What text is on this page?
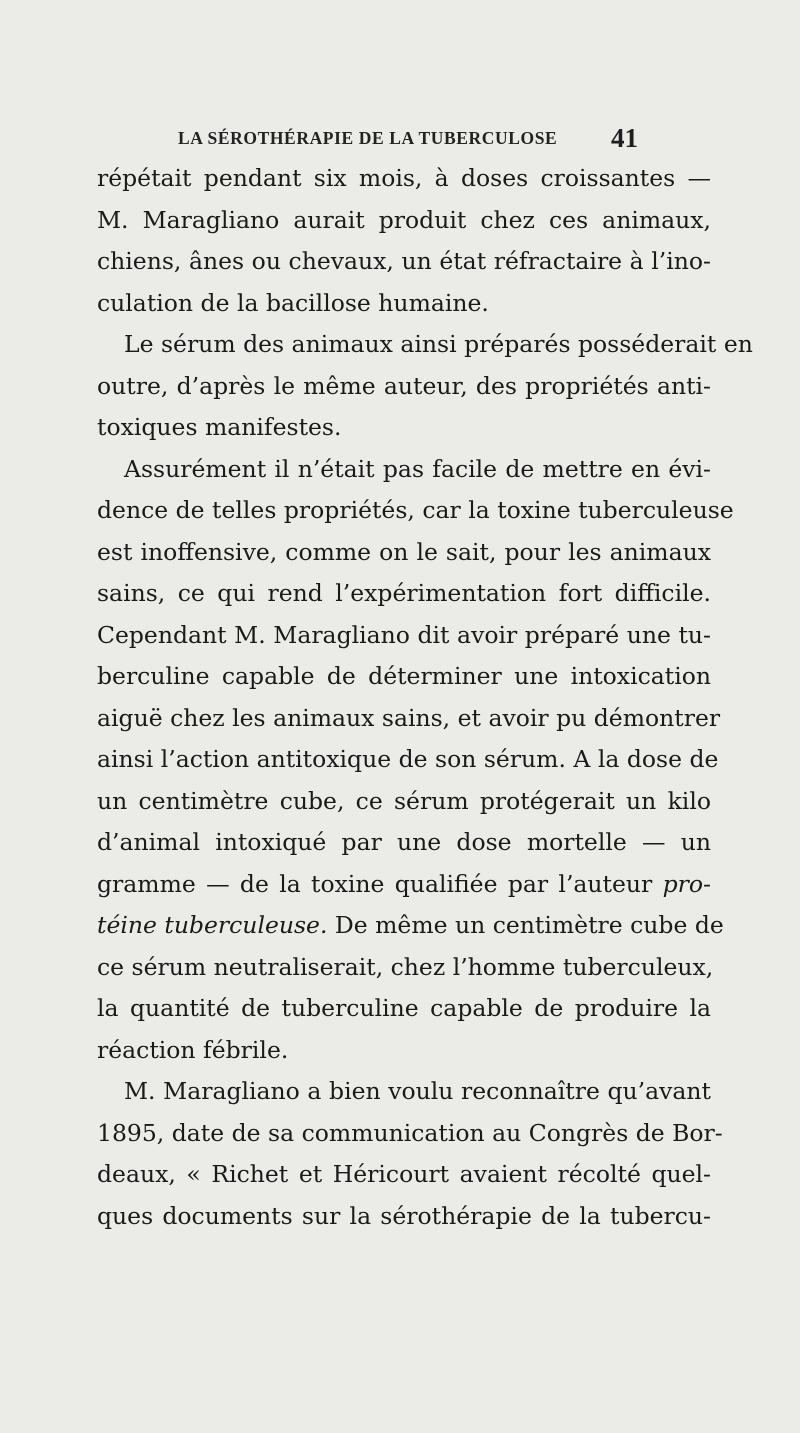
LA SÉROTHÉRAPIE DE LA TUBERCULOSE 41
répétait pendant six mois, à doses croissantes —
M. Maragliano aurait produit chez ces animaux,
chiens, ânes ou chevaux, un état réfractaire à l’ino-
culation de la bacillose humaine.
Le sérum des animaux ainsi préparés posséderait en
outre, d’après le même auteur, des propriétés anti-
toxiques manifestes.
Assurément il n’était pas facile de mettre en évi-
dence de telles propriétés, car la toxine tuberculeuse
est inoffensive, comme on le sait, pour les animaux
sains, ce qui rend l’expérimentation fort difficile.
Cependant M. Maragliano dit avoir préparé une tu-
berculine capable de déterminer une intoxication
aiguë chez les animaux sains, et avoir pu démontrer
ainsi l’action antitoxique de son sérum. A la dose de
un centimètre cube, ce sérum protégerait un kilo
d’animal intoxiqué par une dose mortelle — un
gramme — de la toxine qualifiée par l’auteur pro-
téine tuberculeuse. De même un centimètre cube de
ce sérum neutraliserait, chez l’homme tuberculeux,
la quantité de tuberculine capable de produire la
réaction fébrile.
M. Maragliano a bien voulu reconnaître qu’avant
1895, date de sa communication au Congrès de Bor-
deaux, « Richet et Héricourt avaient récolté quel-
ques documents sur la sérothérapie de la tubercu-
